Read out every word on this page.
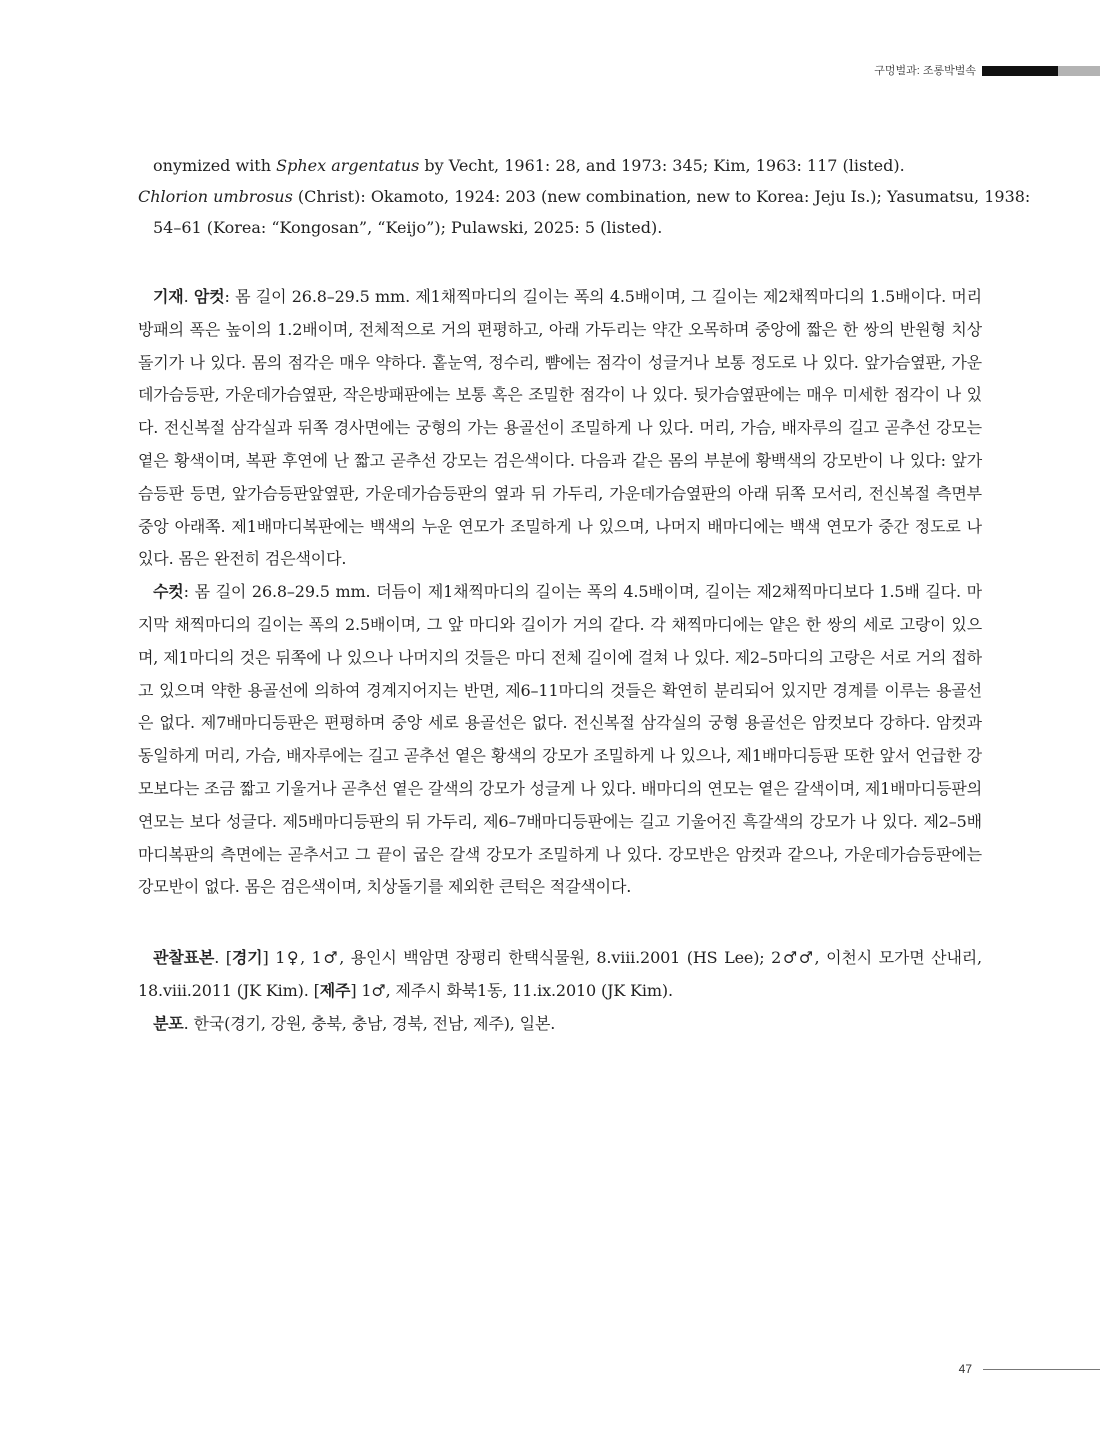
구멍벌과: 조롱박벌속

onymized with Sphex argentatus by Vecht, 1961: 28, and 1973: 345; Kim, 1963: 117 (listed).

Chlorion umbrosus (Christ): Okamoto, 1924: 203 (new combination, new to Korea: Jeju Is.); Yasumatsu, 1938:

54–61 (Korea: “Kongosan”, “Keijo”); Pulawski, 2025: 5 (listed).

기재. 암컷: 몸 길이 26.8–29.5 mm. 제1채찍마디의 길이는 폭의 4.5배이며, 그 길이는 제2채찍마디의 1.5배이다. 머리방패의 폭은 높이의 1.2배이며, 전체적으로 거의 편평하고, 아래 가두리는 약간 오목하며 중앙에 짧은 한 쌍의 반원형 치상돌기가 나 있다. 몸의 점각은 매우 약하다. 홑눈역, 정수리, 뺨에는 점각이 성글거나 보통 정도로 나 있다. 앞가슴옆판, 가운데가슴등판, 가운데가슴옆판, 작은방패판에는 보통 혹은 조밀한 점각이 나 있다. 뒷가슴옆판에는 매우 미세한 점각이 나 있다. 전신복절 삼각실과 뒤쪽 경사면에는 궁형의 가는 용골선이 조밀하게 나 있다. 머리, 가슴, 배자루의 길고 곧추선 강모는 옅은 황색이며, 복판 후연에 난 짧고 곧추선 강모는 검은색이다. 다음과 같은 몸의 부분에 황백색의 강모반이 나 있다: 앞가슴등판 등면, 앞가슴등판앞옆판, 가운데가슴등판의 옆과 뒤 가두리, 가운데가슴옆판의 아래 뒤쪽 모서리, 전신복절 측면부 중앙 아래쪽. 제1배마디복판에는 백색의 누운 연모가 조밀하게 나 있으며, 나머지 배마디에는 백색 연모가 중간 정도로 나 있다. 몸은 완전히 검은색이다.

수컷: 몸 길이 26.8–29.5 mm. 더듬이 제1채찍마디의 길이는 폭의 4.5배이며, 길이는 제2채찍마디보다 1.5배 길다. 마지막 채찍마디의 길이는 폭의 2.5배이며, 그 앞 마디와 길이가 거의 같다. 각 채찍마디에는 얕은 한 쌍의 세로 고랑이 있으며, 제1마디의 것은 뒤쪽에 나 있으나 나머지의 것들은 마디 전체 길이에 걸쳐 나 있다. 제2–5마디의 고랑은 서로 거의 접하고 있으며 약한 용골선에 의하여 경계지어지는 반면, 제6–11마디의 것들은 확연히 분리되어 있지만 경계를 이루는 용골선은 없다. 제7배마디등판은 편평하며 중앙 세로 용골선은 없다. 전신복절 삼각실의 궁형 용골선은 암컷보다 강하다. 암컷과 동일하게 머리, 가슴, 배자루에는 길고 곧추선 옅은 황색의 강모가 조밀하게 나 있으나, 제1배마디등판 또한 앞서 언급한 강모보다는 조금 짧고 기울거나 곧추선 옅은 갈색의 강모가 성글게 나 있다. 배마디의 연모는 옅은 갈색이며, 제1배마디등판의 연모는 보다 성글다. 제5배마디등판의 뒤 가두리, 제6–7배마디등판에는 길고 기울어진 흑갈색의 강모가 나 있다. 제2–5배마디복판의 측면에는 곧추서고 그 끝이 굽은 갈색 강모가 조밀하게 나 있다. 강모반은 암컷과 같으나, 가운데가슴등판에는 강모반이 없다. 몸은 검은색이며, 치상돌기를 제외한 큰턱은 적갈색이다.

관찰표본. [경기] 1♀, 1♂, 용인시 백암면 장평리 한택식물원, 8.viii.2001 (HS Lee); 2♂♂, 이천시 모가면 산내리, 18.viii.2011 (JK Kim). [제주] 1♂, 제주시 화북1동, 11.ix.2010 (JK Kim).

분포. 한국(경기, 강원, 충북, 충남, 경북, 전남, 제주), 일본.

47
